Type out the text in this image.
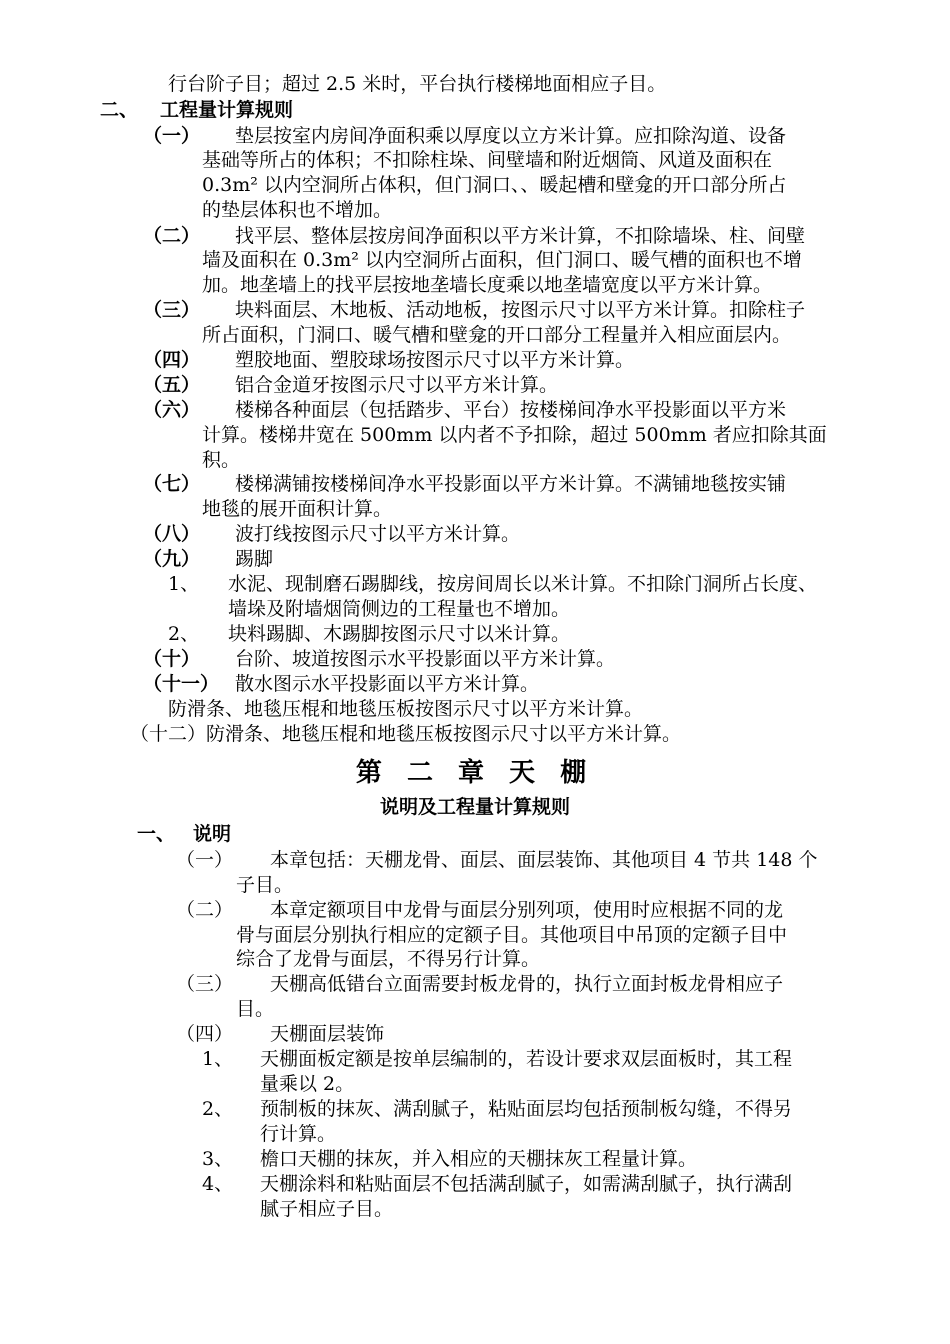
行台阶子目；超过 2.5 米时，平台执行楼梯地面相应子目。
二、 工程量计算规则
（一） 垫层按室内房间净面积乘以厚度以立方米计算。应扣除沟道、设备
基础等所占的体积；不扣除柱垛、间壁墙和附近烟筒、风道及面积在
0.3m² 以内空洞所占体积，但门洞口、、暖起槽和壁龛的开口部分所占
的垫层体积也不增加。
（二） 找平层、整体层按房间净面积以平方米计算，不扣除墙垛、柱、间壁
墙及面积在 0.3m² 以内空洞所占面积，但门洞口、暖气槽的面积也不增
加。地垄墙上的找平层按地垄墙长度乘以地垄墙宽度以平方米计算。
（三） 块料面层、木地板、活动地板，按图示尺寸以平方米计算。扣除柱子
所占面积，门洞口、暖气槽和壁龛的开口部分工程量并入相应面层内。
（四） 塑胶地面、塑胶球场按图示尺寸以平方米计算。
（五） 铝合金道牙按图示尺寸以平方米计算。
（六） 楼梯各种面层（包括踏步、平台）按楼梯间净水平投影面以平方米
计算。楼梯井宽在 500mm 以内者不予扣除，超过 500mm 者应扣除其面
积。
（七） 楼梯满铺按楼梯间净水平投影面以平方米计算。不满铺地毯按实铺
地毯的展开面积计算。
（八） 波打线按图示尺寸以平方米计算。
（九） 踢脚
1、 水泥、现制磨石踢脚线，按房间周长以米计算。不扣除门洞所占长度、
墙垛及附墙烟筒侧边的工程量也不增加。
2、 块料踢脚、木踢脚按图示尺寸以米计算。
（十） 台阶、坡道按图示水平投影面以平方米计算。
（十一） 散水图示水平投影面以平方米计算。
防滑条、地毯压棍和地毯压板按图示尺寸以平方米计算。
（十二）防滑条、地毯压棍和地毯压板按图示尺寸以平方米计算。
第 二 章 天 棚
说明及工程量计算规则
一、 说明
（一） 本章包括：天棚龙骨、面层、面层装饰、其他项目 4 节共 148 个
子目。
（二） 本章定额项目中龙骨与面层分别列项，使用时应根据不同的龙
骨与面层分别执行相应的定额子目。其他项目中吊顶的定额子目中
综合了龙骨与面层，不得另行计算。
（三） 天棚高低错台立面需要封板龙骨的，执行立面封板龙骨相应子
目。
（四） 天棚面层装饰
1、 天棚面板定额是按单层编制的，若设计要求双层面板时，其工程
量乘以 2。
2、 预制板的抹灰、满刮腻子，粘贴面层均包括预制板勾缝，不得另
行计算。
3、 檐口天棚的抹灰，并入相应的天棚抹灰工程量计算。
4、 天棚涂料和粘贴面层不包括满刮腻子，如需满刮腻子，执行满刮
腻子相应子目。
